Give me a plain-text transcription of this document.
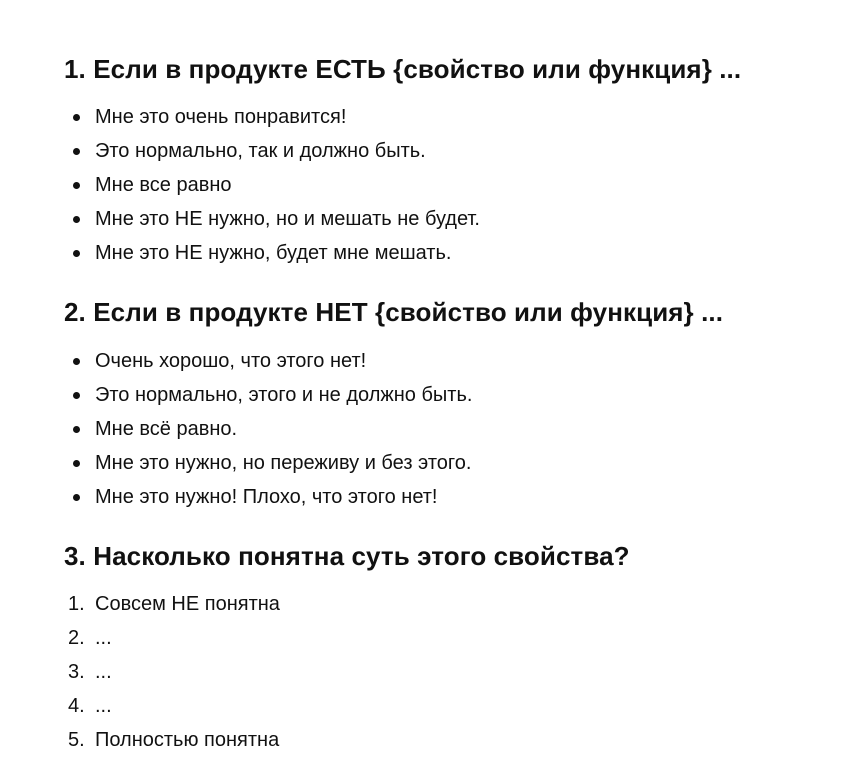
1. Если в продукте ЕСТЬ {свойство или функция} ...
Мне это очень понравится!
Это нормально, так и должно быть.
Мне все равно
Мне это НЕ нужно, но и мешать не будет.
Мне это НЕ нужно, будет мне мешать.
2. Если в продукте НЕТ {свойство или функция} ...
Очень хорошо, что этого нет!
Это нормально, этого и не должно быть.
Мне всё равно.
Мне это нужно, но переживу и без этого.
Мне это нужно! Плохо, что этого нет!
3. Насколько понятна суть этого свойства?
1. Совсем НЕ понятна
2. ...
3. ...
4. ...
5. Полностью понятна
